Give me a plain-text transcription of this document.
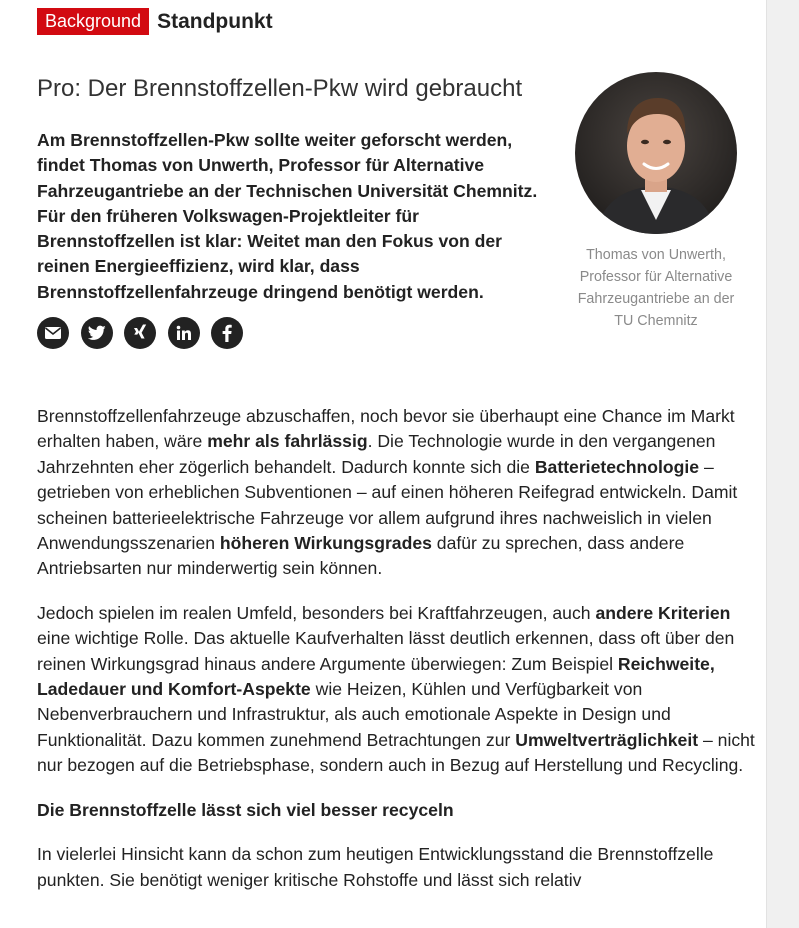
Background Standpunkt
Pro: Der Brennstoffzellen-Pkw wird gebraucht

Am Brennstoffzellen-Pkw sollte weiter geforscht werden, findet Thomas von Unwerth, Professor für Alternative Fahrzeugantriebe an der Technischen Universität Chemnitz. Für den früheren Volkswagen-Projektleiter für Brennstoffzellen ist klar: Weitet man den Fokus von der reinen Energieeffizienz, wird klar, dass Brennstoffzellenfahrzeuge dringend benötigt werden.

Thomas von Unwerth, Professor für Alternative Fahrzeugantriebe an der TU Chemnitz

Brennstoffzellenfahrzeuge abzuschaffen, noch bevor sie überhaupt eine Chance im Markt erhalten haben, wäre mehr als fahrlässig. Die Technologie wurde in den vergangenen Jahrzehnten eher zögerlich behandelt. Dadurch konnte sich die Batterietechnologie – getrieben von erheblichen Subventionen – auf einen höheren Reifegrad entwickeln. Damit scheinen batterieelektrische Fahrzeuge vor allem aufgrund ihres nachweislich in vielen Anwendungsszenarien höheren Wirkungsgrades dafür zu sprechen, dass andere Antriebsarten nur minderwertig sein können.

Jedoch spielen im realen Umfeld, besonders bei Kraftfahrzeugen, auch andere Kriterien eine wichtige Rolle. Das aktuelle Kaufverhalten lässt deutlich erkennen, dass oft über den reinen Wirkungsgrad hinaus andere Argumente überwiegen: Zum Beispiel Reichweite, Ladedauer und Komfort-Aspekte wie Heizen, Kühlen und Verfügbarkeit von Nebenverbrauchern und Infrastruktur, als auch emotionale Aspekte in Design und Funktionalität. Dazu kommen zunehmend Betrachtungen zur Umweltverträglichkeit – nicht nur bezogen auf die Betriebsphase, sondern auch in Bezug auf Herstellung und Recycling.

Die Brennstoffzelle lässt sich viel besser recyceln

In vielerlei Hinsicht kann da schon zum heutigen Entwicklungsstand die Brennstoffzelle punkten. Sie benötigt weniger kritische Rohstoffe und lässt sich relativ
